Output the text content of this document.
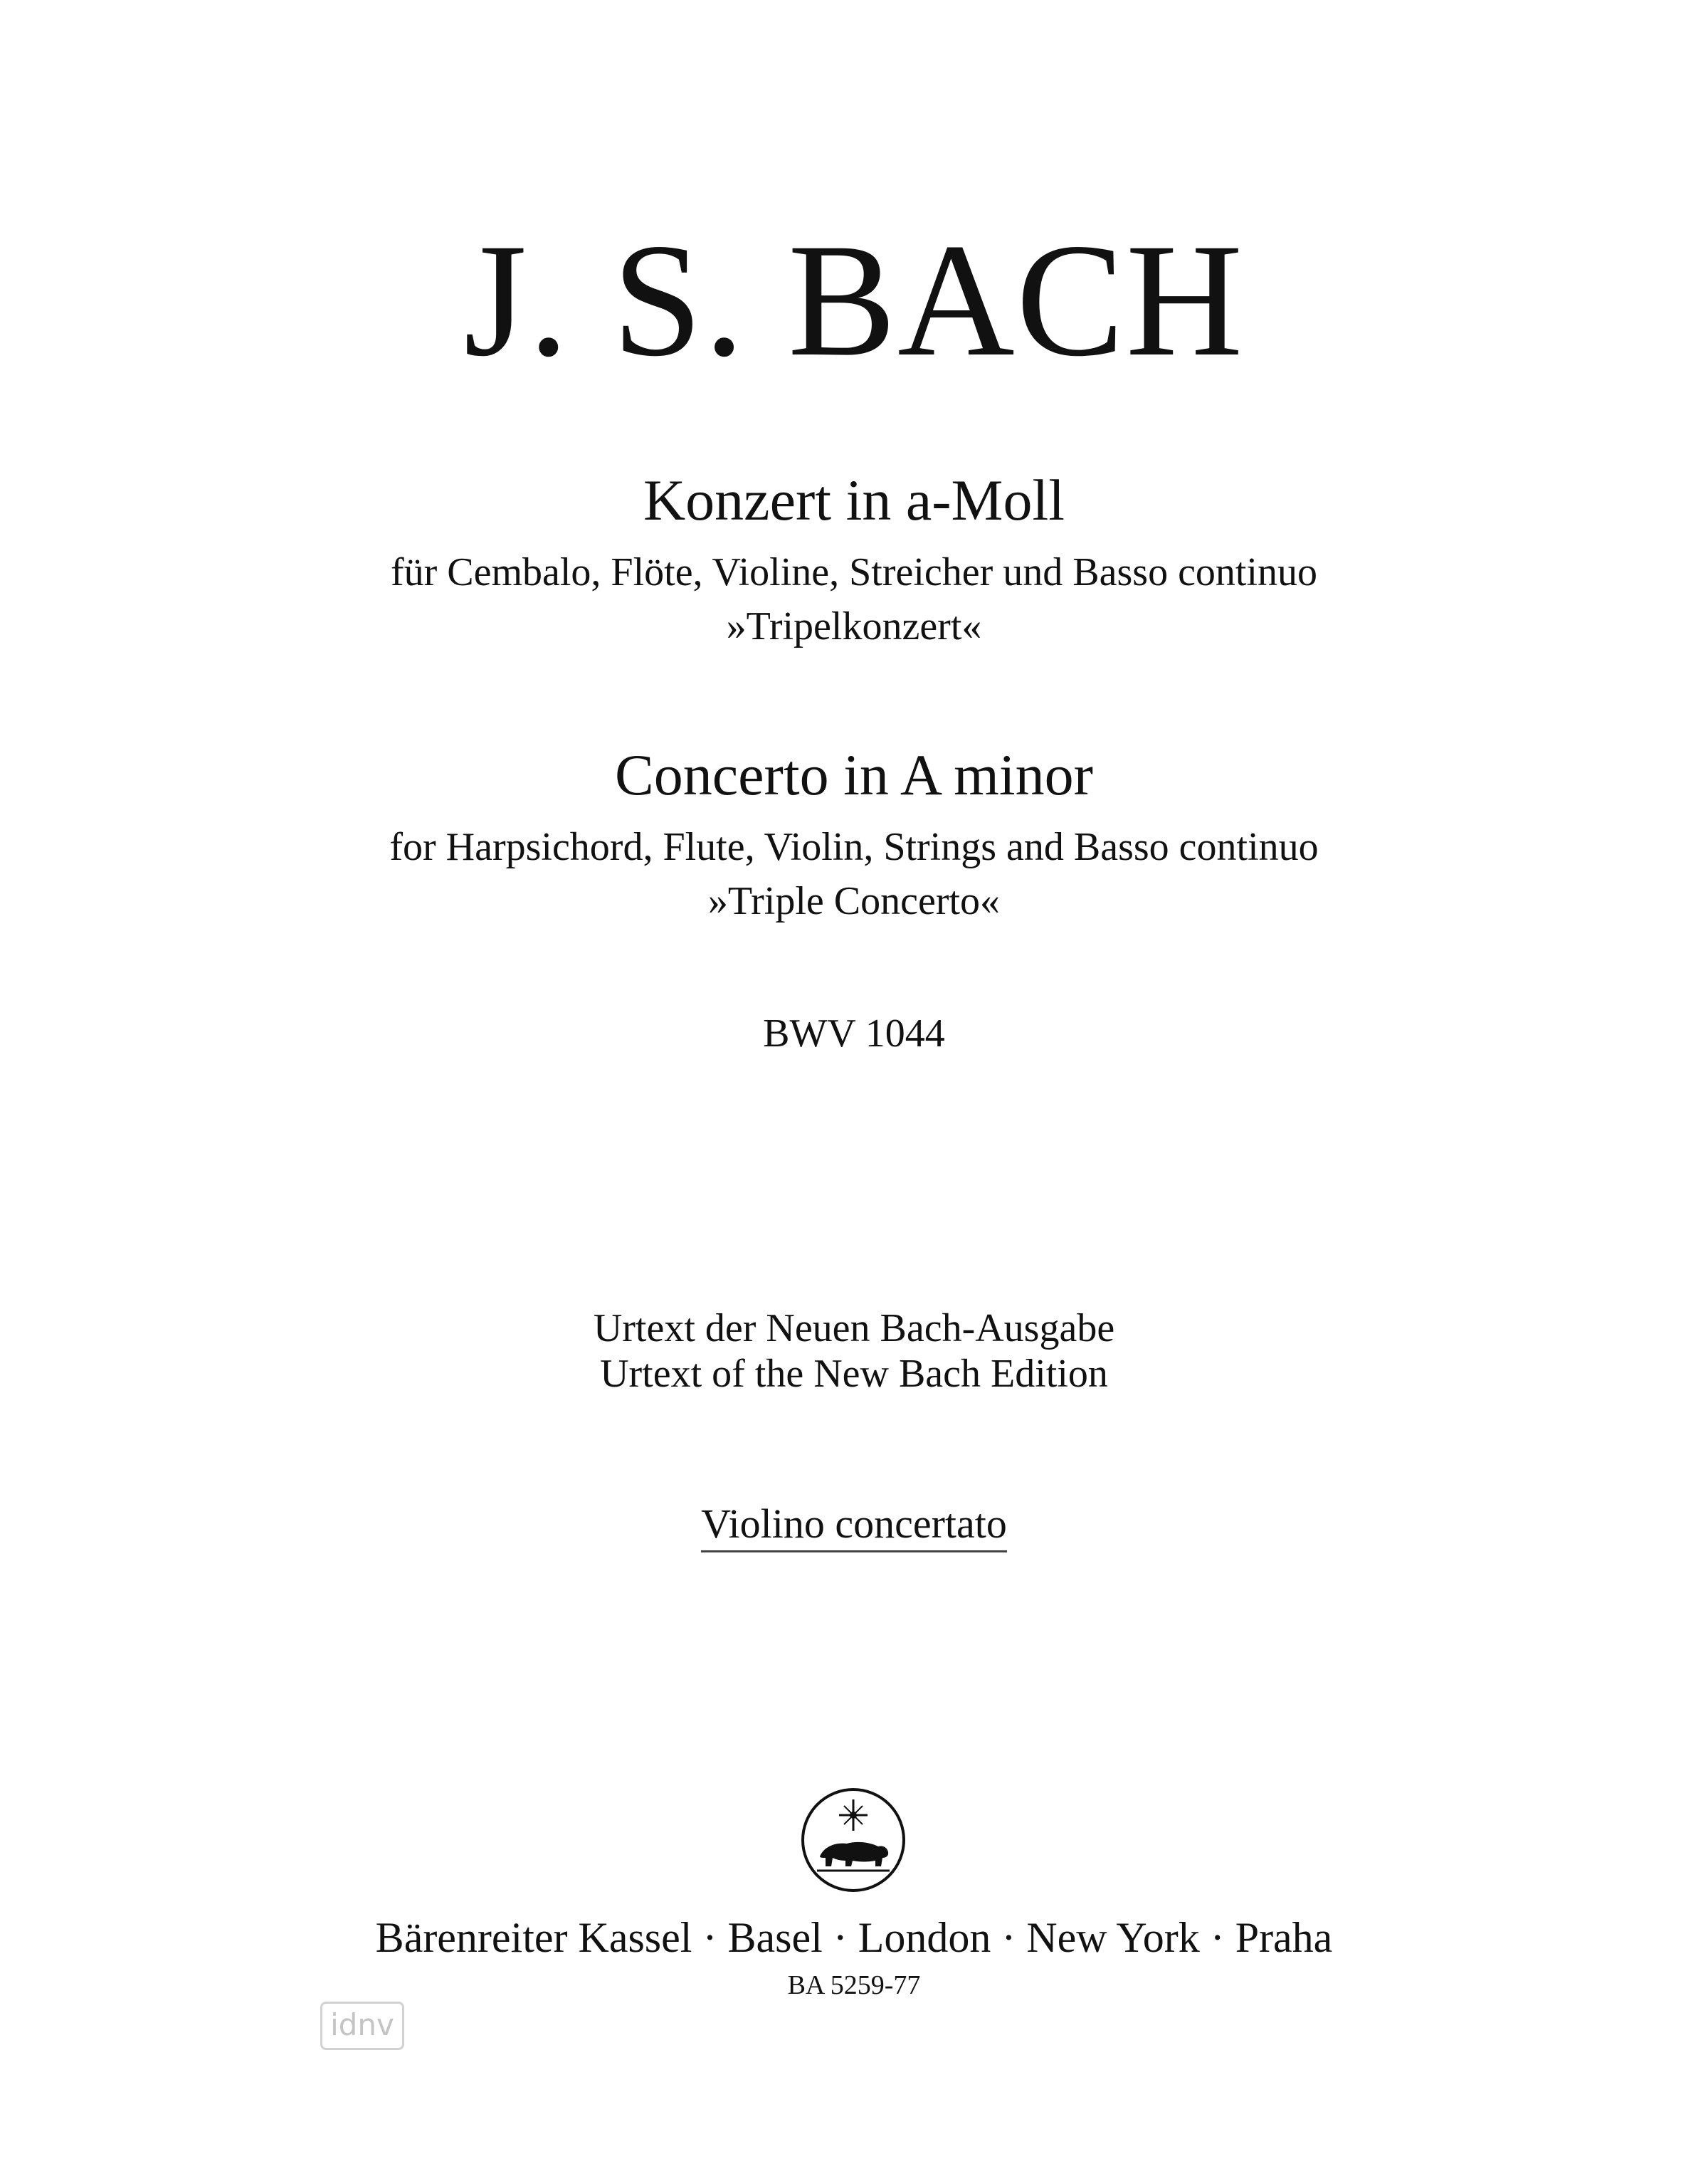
J. S. BACH
Konzert in a-Moll
für Cembalo, Flöte, Violine, Streicher und Basso continuo
»Tripelkonzert«
Concerto in A minor
for Harpsichord, Flute, Violin, Strings and Basso continuo
»Triple Concerto«
BWV 1044
Urtext der Neuen Bach-Ausgabe
Urtext of the New Bach Edition
Violino concertato
Bärenreiter Kassel · Basel · London · New York · Praha
BA 5259-77
idnv
